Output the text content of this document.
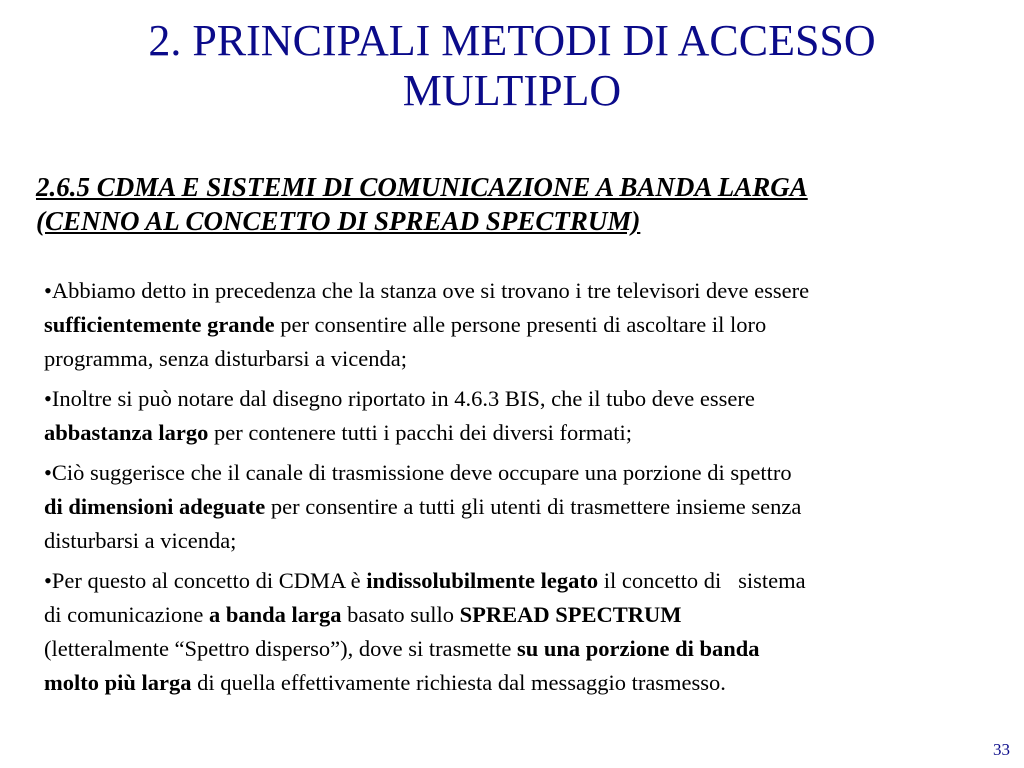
2. PRINCIPALI METODI DI ACCESSO
MULTIPLO
2.6.5 CDMA E SISTEMI DI COMUNICAZIONE A BANDA LARGA
(CENNO AL CONCETTO DI SPREAD SPECTRUM)
•Abbiamo detto in precedenza che la stanza ove si trovano i tre televisori deve essere
sufficientemente grande per consentire alle persone presenti di ascoltare il loro
programma, senza disturbarsi a vicenda;
•Inoltre si può notare dal disegno riportato in 4.6.3 BIS, che il tubo deve essere
abbastanza largo per contenere tutti i pacchi dei diversi formati;
•Ciò suggerisce che il canale di trasmissione deve occupare una porzione di spettro
di dimensioni adeguate per consentire a tutti gli utenti di trasmettere insieme senza
disturbarsi a vicenda;
•Per questo al concetto di CDMA è indissolubilmente legato il concetto di   sistema
di comunicazione a banda larga basato sullo SPREAD SPECTRUM
(letteralmente “Spettro disperso”), dove si trasmette su una porzione di banda
molto più larga di quella effettivamente richiesta dal messaggio trasmesso.
33
